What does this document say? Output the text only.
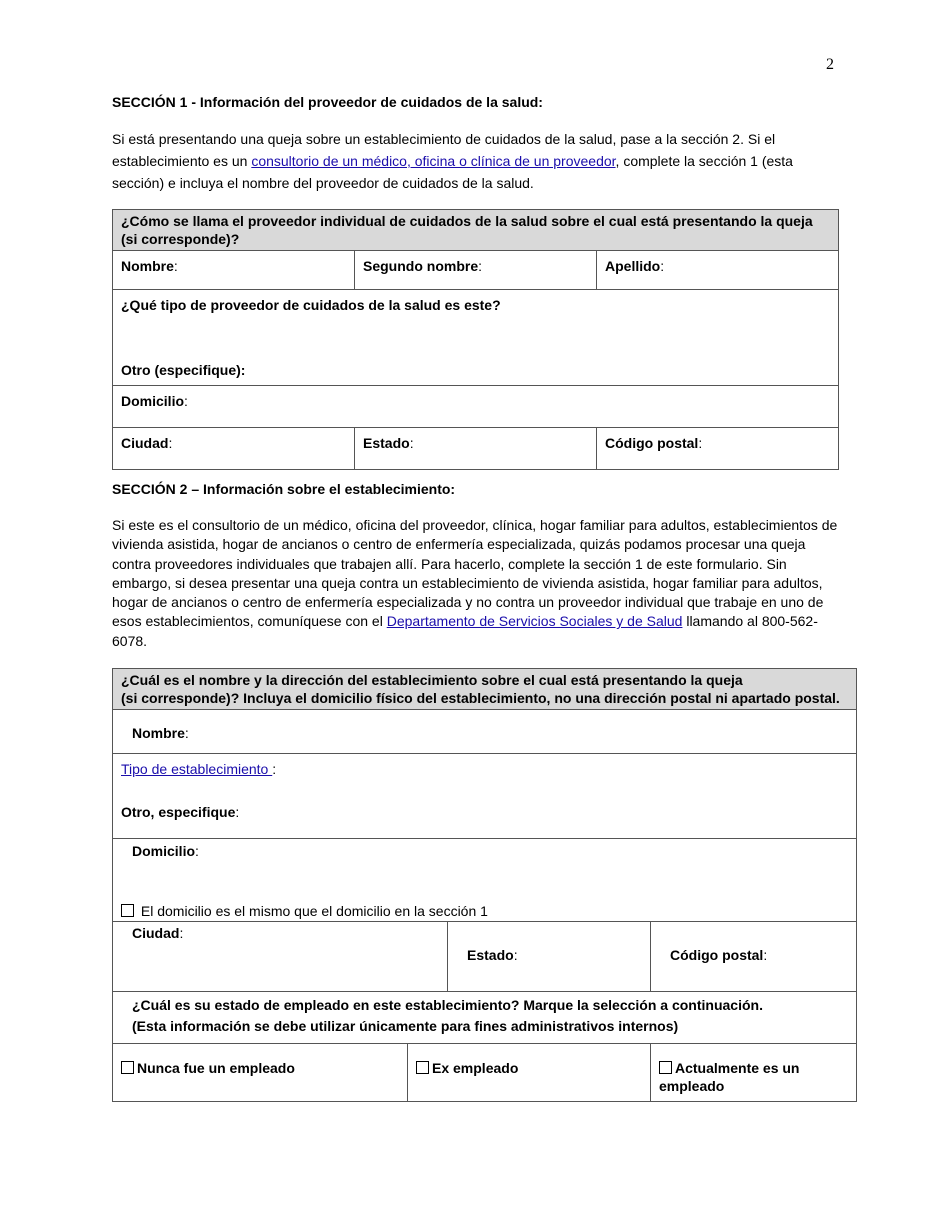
2

SECCIÓN 1 - Información del proveedor de cuidados de la salud:

Si está presentando una queja sobre un establecimiento de cuidados de la salud, pase a la sección 2. Si el establecimiento es un consultorio de un médico, oficina o clínica de un proveedor, complete la sección 1 (esta sección) e incluya el nombre del proveedor de cuidados de la salud.

¿Cómo se llama el proveedor individual de cuidados de la salud sobre el cual está presentando la queja (si corresponde)?		
Nombre:	Segundo nombre:	Apellido:

¿Qué tipo de proveedor de cuidados de la salud es este?
Otro (especifique):		

Domicilio:		
Ciudad:	Estado:	Código postal:

SECCIÓN 2 – Información sobre el establecimiento:

Si este es el consultorio de un médico, oficina del proveedor, clínica, hogar familiar para adultos, establecimientos de vivienda asistida, hogar de ancianos o centro de enfermería especializada, quizás podamos procesar una queja contra proveedores individuales que trabajen allí. Para hacerlo, complete la sección 1 de este formulario. Sin embargo, si desea presentar una queja contra un establecimiento de vivienda asistida, hogar familiar para adultos, hogar de ancianos o centro de enfermería especializada y no contra un proveedor individual que trabaje en uno de esos establecimientos, comuníquese con el Departamento de Servicios Sociales y de Salud llamando al 800-562-6078.

¿Cuál es el nombre y la dirección del establecimiento sobre el cual está presentando la queja
(si corresponde)? Incluya el domicilio físico del establecimiento, no una dirección postal ni apartado postal.			

Nombre:			

Tipo de establecimiento :
Otro, especifique:			

Domicilio:
El domicilio es el mismo que el domicilio en la sección 1			

Ciudad:		Estado:	Código postal:

¿Cuál es su estado de empleado en este establecimiento? Marque la selección a continuación.
(Esta información se debe utilizar únicamente para fines administrativos internos)			

Nunca fue un empleado	Ex empleado		Actualmente es un empleado
